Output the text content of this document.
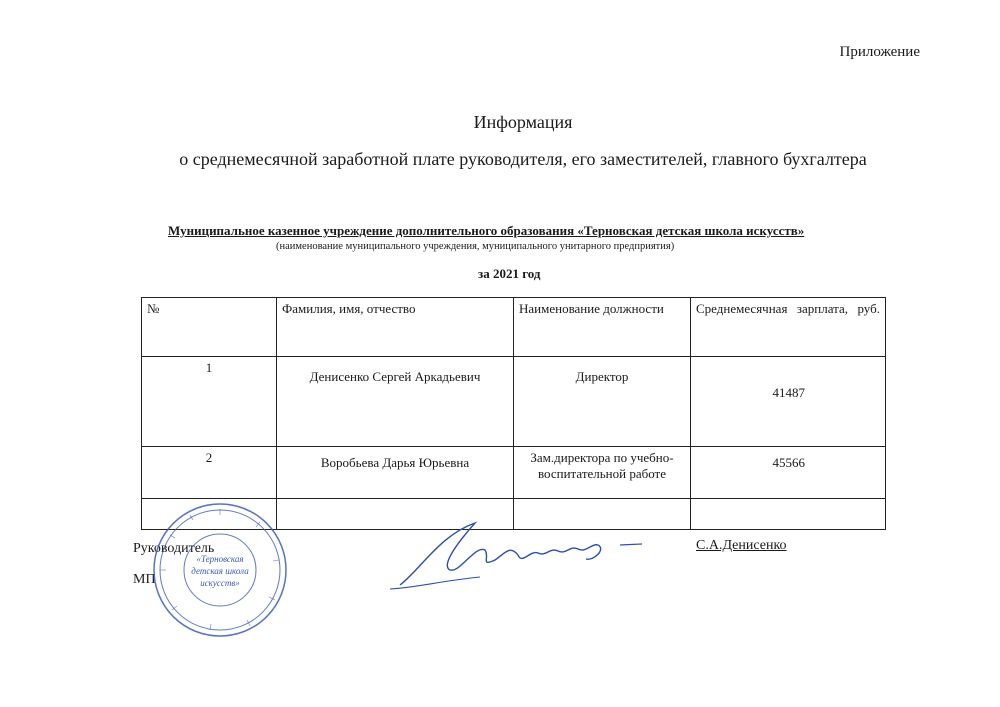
Приложение
Информация
о среднемесячной заработной плате руководителя, его заместителей, главного бухгалтера
Муниципальное казенное учреждение дополнительного образования «Терновская детская школа искусств»
(наименование муниципального учреждения, муниципального унитарного предприятия)
за 2021 год
№	Фамилия, имя, отчество	Наименование должности	Среднемесячная зарплата, руб.
1	Денисенко Сергей Аркадьевич	Директор	41487
2	Воробьева Дарья Юрьевна	Зам.директора по учебно-воспитательной работе	45566

Руководитель
МП
С.А.Денисенко
«Терновская
детская школа
искусств»
